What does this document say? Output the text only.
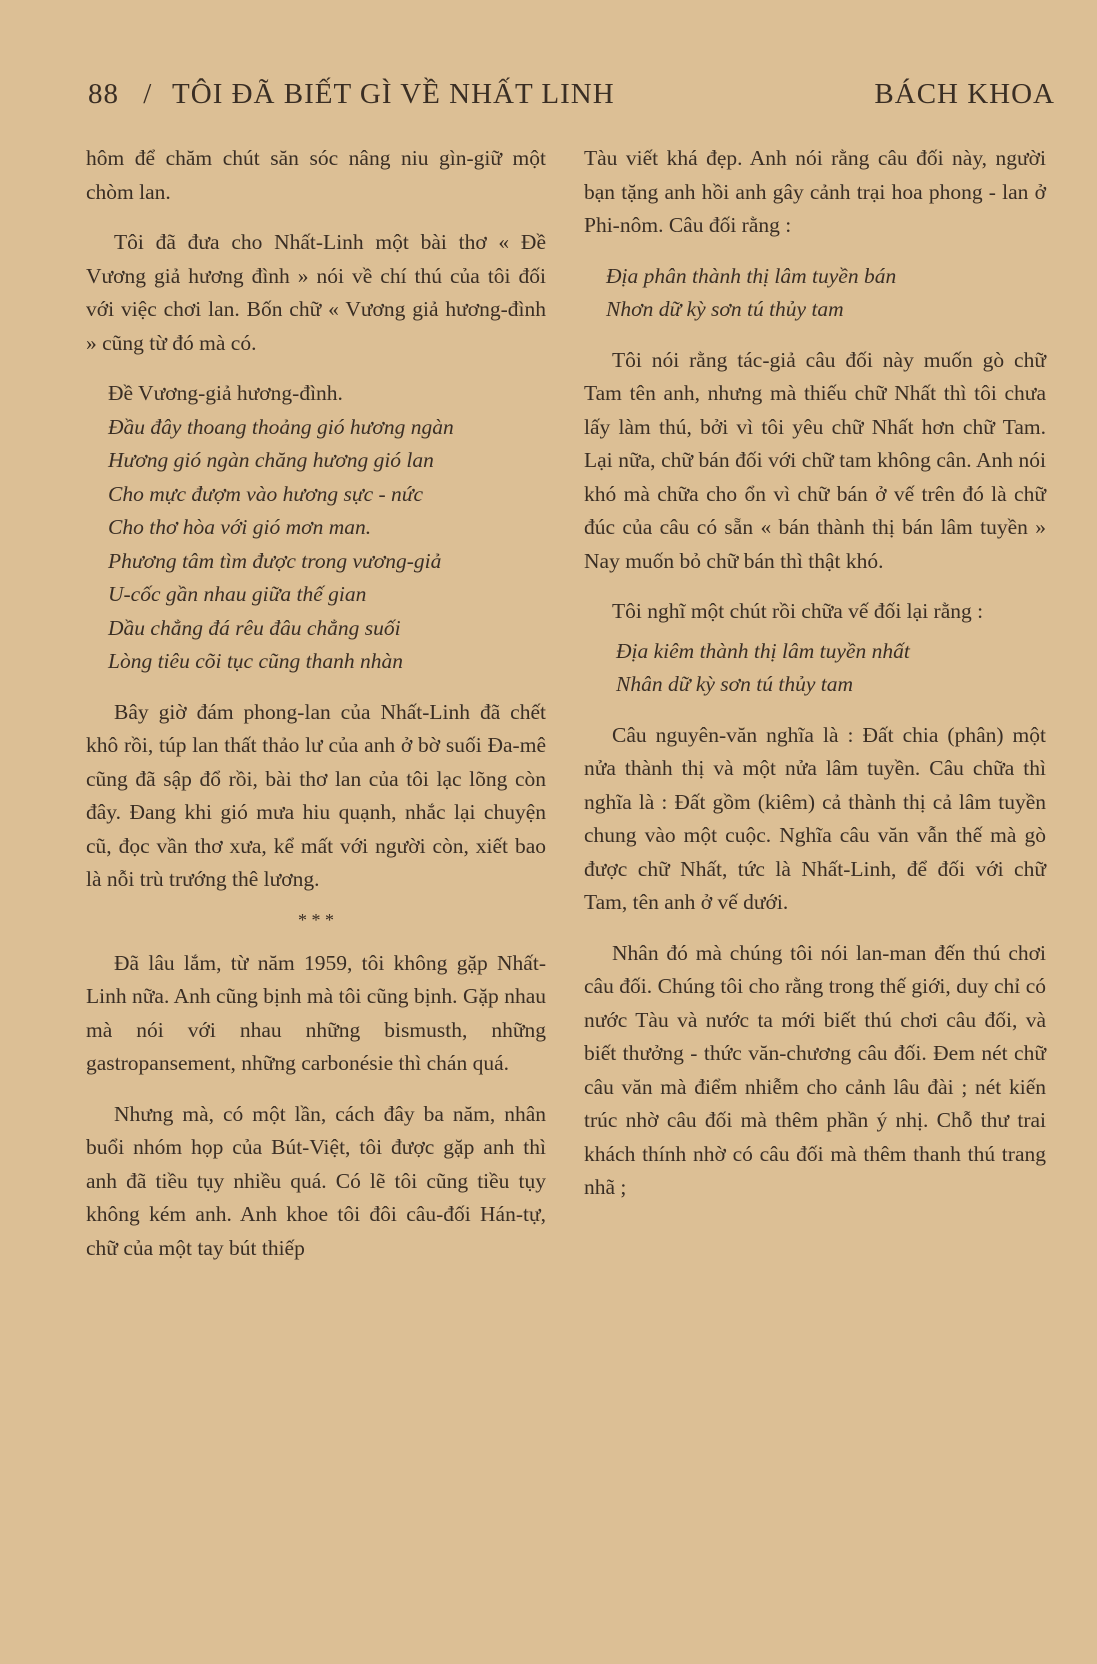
88 / TÔI ĐÃ BIẾT GÌ VỀ NHẤT LINH	BÁCH KHOA

hôm để chăm chút săn sóc nâng niu gìn-giữ một chòm lan.

Tôi đã đưa cho Nhất-Linh một bài thơ « Đề Vương giả hương đình » nói về chí thú của tôi đối với việc chơi lan. Bốn chữ « Vương giả hương-đình » cũng từ đó mà có.

Đề Vương-giả hương-đình.
Đầu đây thoang thoảng gió hương ngàn
Hương gió ngàn chăng hương gió lan
Cho mực đượm vào hương sực - nức
Cho thơ hòa với gió mơn man.
Phương tâm tìm được trong vương-giả
U-cốc gần nhau giữa thế gian
Dầu chẳng đá rêu đâu chẳng suối
Lòng tiêu cõi tục cũng thanh nhàn

Bây giờ đám phong-lan của Nhất-Linh đã chết khô rồi, túp lan thất thảo lư của anh ở bờ suối Đa-mê cũng đã sập đổ rồi, bài thơ lan của tôi lạc lõng còn đây. Đang khi gió mưa hiu quạnh, nhắc lại chuyện cũ, đọc vần thơ xưa, kể mất với người còn, xiết bao là nỗi trù trướng thê lương.

* * *

Đã lâu lắm, từ năm 1959, tôi không gặp Nhất-Linh nữa. Anh cũng bịnh mà tôi cũng bịnh. Gặp nhau mà nói với nhau những bismusth, những gastropansement, những carbonésie thì chán quá.

Nhưng mà, có một lần, cách đây ba năm, nhân buổi nhóm họp của Bút-Việt, tôi được gặp anh thì anh đã tiều tụy nhiều quá. Có lẽ tôi cũng tiều tụy không kém anh. Anh khoe tôi đôi câu-đối Hán-tự, chữ của một tay bút thiếp

Tàu viết khá đẹp. Anh nói rằng câu đối này, người bạn tặng anh hồi anh gây cảnh trại hoa phong - lan ở Phi-nôm. Câu đối rằng :

Địa phân thành thị lâm tuyền bán
Nhơn dữ kỳ sơn tú thủy tam

Tôi nói rằng tác-giả câu đối này muốn gò chữ Tam tên anh, nhưng mà thiếu chữ Nhất thì tôi chưa lấy làm thú, bởi vì tôi yêu chữ Nhất hơn chữ Tam. Lại nữa, chữ bán đối với chữ tam không cân. Anh nói khó mà chữa cho ổn vì chữ bán ở vế trên đó là chữ đúc của câu có sẵn « bán thành thị bán lâm tuyền » Nay muốn bỏ chữ bán thì thật khó.

Tôi nghĩ một chút rồi chữa vế đối lại rằng :

Địa kiêm thành thị lâm tuyền nhất
Nhân dữ kỳ sơn tú thủy tam

Câu nguyên-văn nghĩa là : Đất chia (phân) một nửa thành thị và một nửa lâm tuyền. Câu chữa thì nghĩa là : Đất gồm (kiêm) cả thành thị cả lâm tuyền chung vào một cuộc. Nghĩa câu văn vẫn thế mà gò được chữ Nhất, tức là Nhất-Linh, để đối với chữ Tam, tên anh ở vế dưới.

Nhân đó mà chúng tôi nói lan-man đến thú chơi câu đối. Chúng tôi cho rằng trong thế giới, duy chỉ có nước Tàu và nước ta mới biết thú chơi câu đối, và biết thưởng - thức văn-chương câu đối. Đem nét chữ câu văn mà điểm nhiễm cho cảnh lâu đài ; nét kiến trúc nhờ câu đối mà thêm phần ý nhị. Chỗ thư trai khách thính nhờ có câu đối mà thêm thanh thú trang nhã ;
